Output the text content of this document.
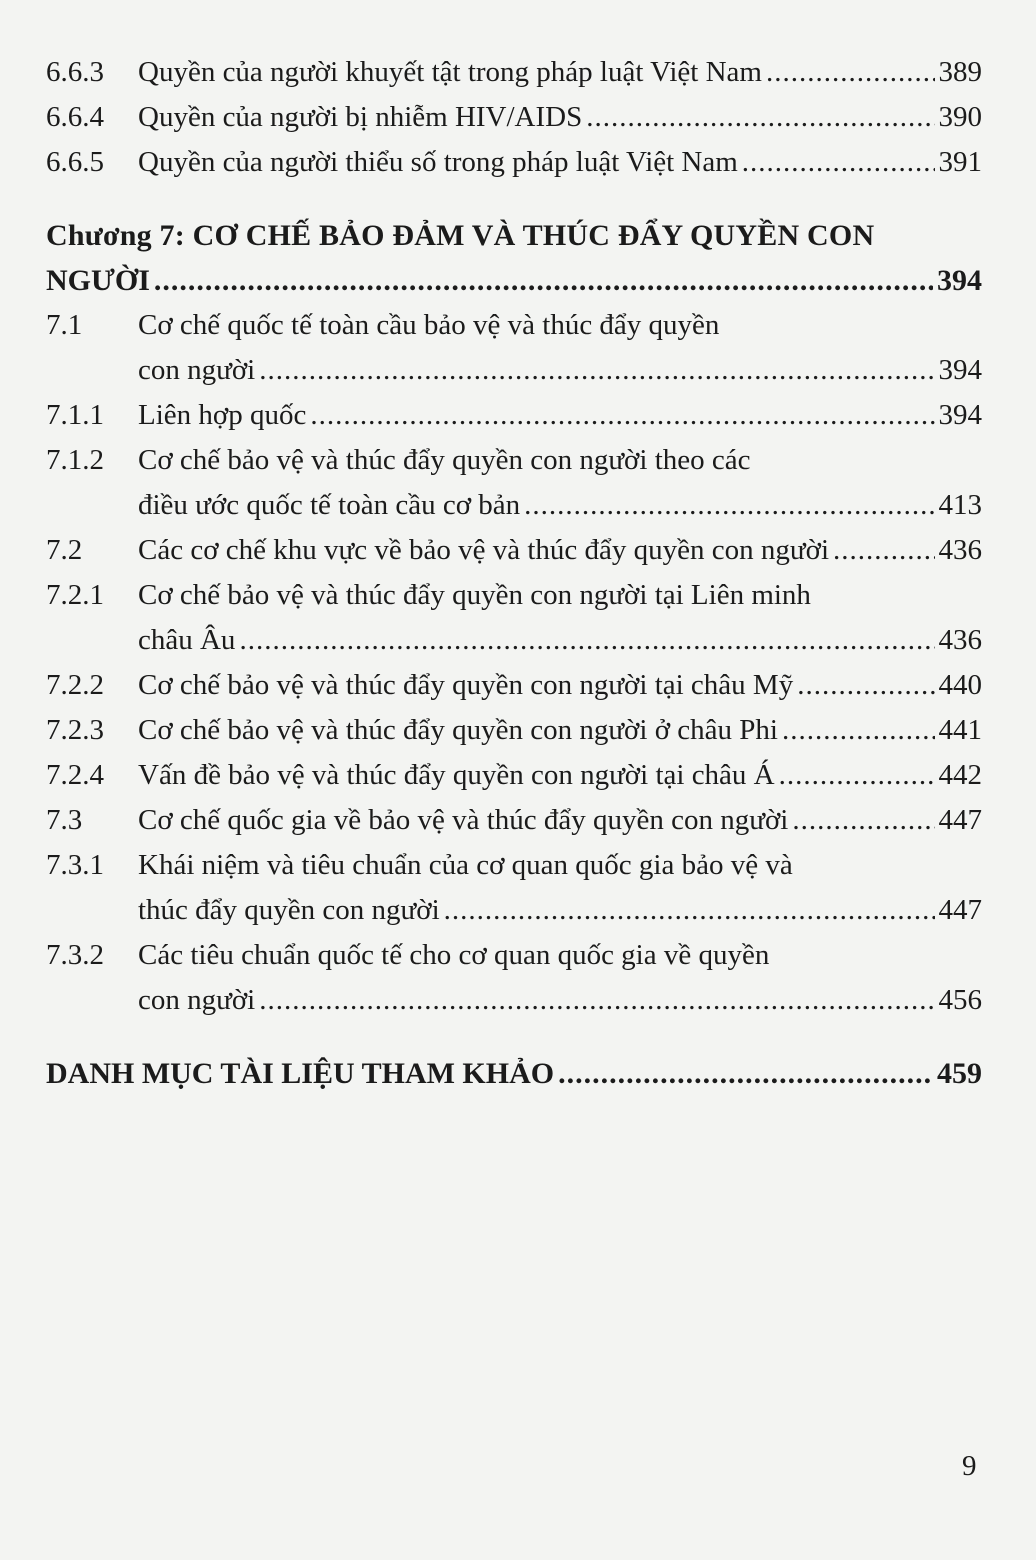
6.6.3	Quyền của người khuyết tật trong pháp luật Việt Nam .....	389
6.6.4	Quyền của người bị nhiễm HIV/AIDS .....	390
6.6.5	Quyền của người thiểu số trong pháp luật Việt Nam .....	391
Chương 7: CƠ CHẾ BẢO ĐẢM VÀ THÚC ĐẨY QUYỀN CON
NGƯỜI .....	394
7.1	Cơ chế quốc tế toàn cầu bảo vệ và thúc đẩy quyền
con người .....	394
7.1.1	Liên hợp quốc .....	394
7.1.2	Cơ chế bảo vệ và thúc đẩy quyền con người theo các
điều ước quốc tế toàn cầu cơ bản .....	413
7.2	Các cơ chế khu vực về bảo vệ và thúc đẩy quyền con người .....	436
7.2.1	Cơ chế bảo vệ và thúc đẩy quyền con người tại Liên minh
châu Âu .....	436
7.2.2	Cơ chế bảo vệ và thúc đẩy quyền con người tại châu Mỹ .....	440
7.2.3	Cơ chế bảo vệ và thúc đẩy quyền con người ở châu Phi .....	441
7.2.4	Vấn đề bảo vệ và thúc đẩy quyền con người tại châu Á .....	442
7.3	Cơ chế quốc gia về bảo vệ và thúc đẩy quyền con người .....	447
7.3.1	Khái niệm và tiêu chuẩn của cơ quan quốc gia bảo vệ và
thúc đẩy quyền con người .....	447
7.3.2	Các tiêu chuẩn quốc tế cho cơ quan quốc gia về quyền
con người .....	456
DANH MỤC TÀI LIỆU THAM KHẢO .....	459
9
